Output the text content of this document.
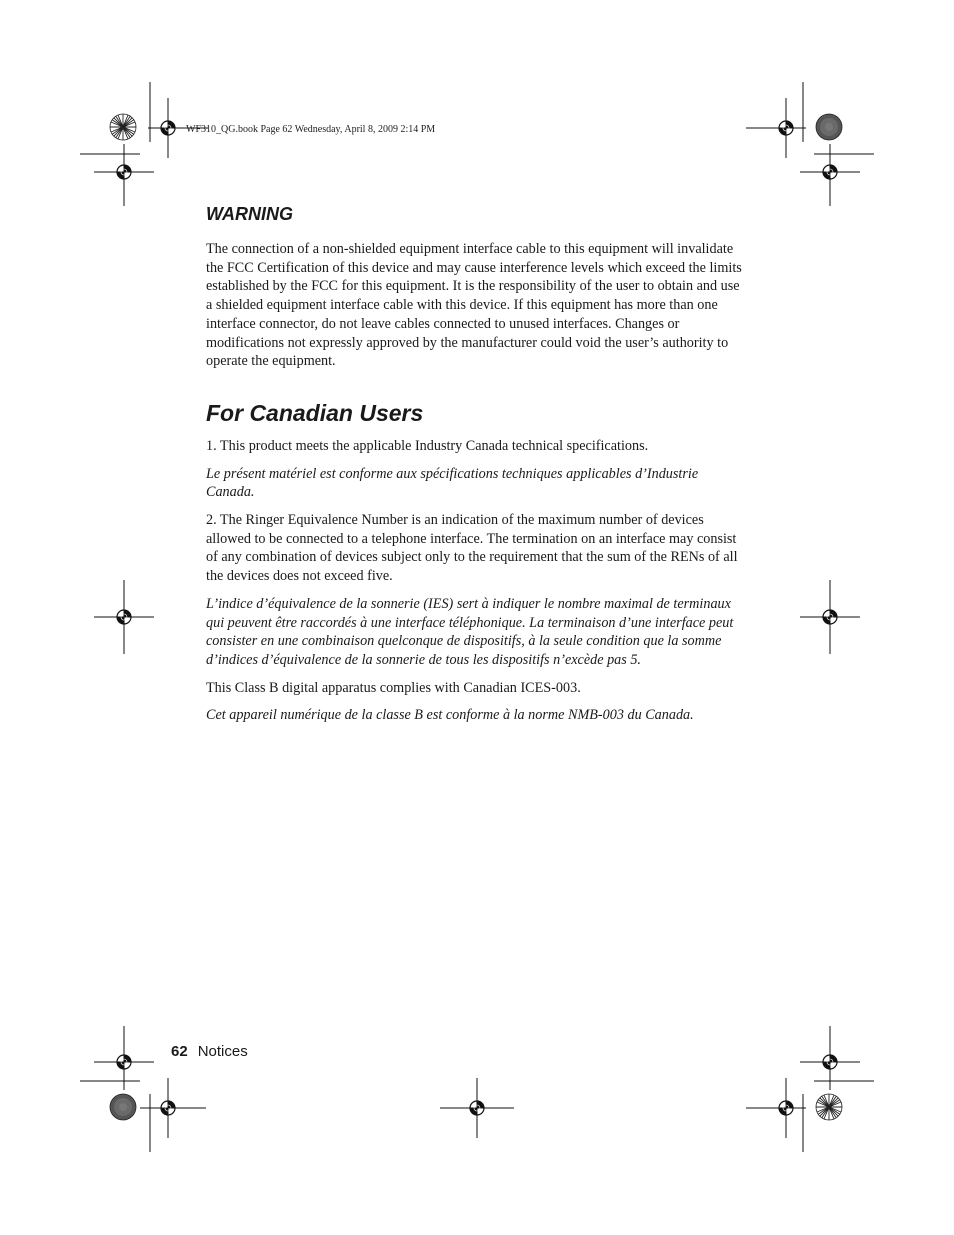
WF310_QG.book Page 62 Wednesday, April 8, 2009 2:14 PM
WARNING

The connection of a non-shielded equipment interface cable to this equipment will invalidate the FCC Certification of this device and may cause interference levels which exceed the limits established by the FCC for this equipment. It is the responsibility of the user to obtain and use a shielded equipment interface cable with this device. If this equipment has more than one interface connector, do not leave cables connected to unused interfaces. Changes or modifications not expressly approved by the manufacturer could void the user’s authority to operate the equipment.

For Canadian Users

1. This product meets the applicable Industry Canada technical specifications.

Le présent matériel est conforme aux spécifications techniques applicables d’Industrie Canada.

2. The Ringer Equivalence Number is an indication of the maximum number of devices allowed to be connected to a telephone interface. The termination on an interface may consist of any combination of devices subject only to the requirement that the sum of the RENs of all the devices does not exceed five.

L’indice d’équivalence de la sonnerie (IES) sert à indiquer le nombre maximal de terminaux qui peuvent être raccordés à une interface téléphonique. La terminaison d’une interface peut consister en une combinaison quelconque de dispositifs, à la seule condition que la somme d’indices d’équivalence de la sonnerie de tous les dispositifs n’excède pas 5.

This Class B digital apparatus complies with Canadian ICES-003.

Cet appareil numérique de la classe B est conforme à la norme NMB-003 du Canada.

62 Notices
